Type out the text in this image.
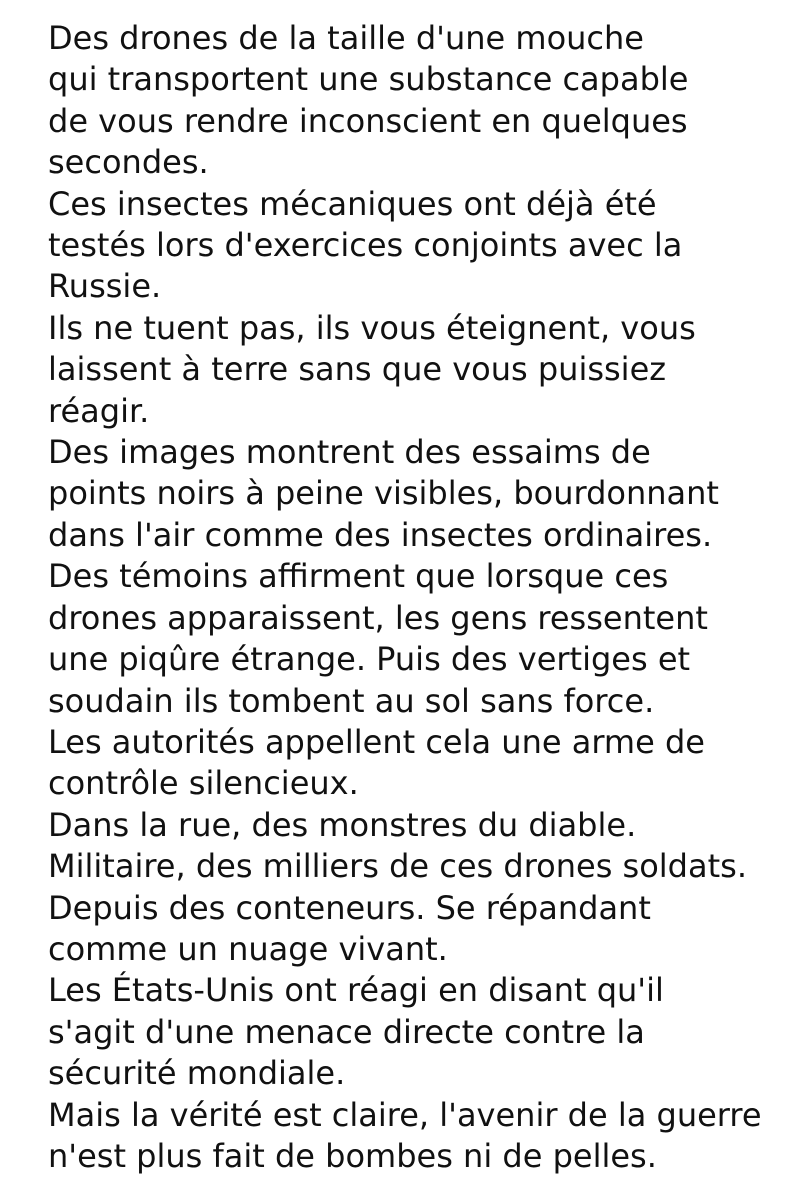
Des drones de la taille d'une mouche
qui transportent une substance capable
de vous rendre inconscient en quelques
secondes.

Ces insectes mécaniques ont déjà été
testés lors d'exercices conjoints avec la
Russie.

Ils ne tuent pas, ils vous éteignent, vous
laissent à terre sans que vous puissiez
réagir.

Des images montrent des essaims de
points noirs à peine visibles, bourdonnant
dans l'air comme des insectes ordinaires.

Des témoins affirment que lorsque ces
drones apparaissent, les gens ressentent
une piqûre étrange. Puis des vertiges et
soudain ils tombent au sol sans force.

Les autorités appellent cela une arme de
contrôle silencieux.

Dans la rue, des monstres du diable.

Militaire, des milliers de ces drones soldats.

Depuis des conteneurs. Se répandant
comme un nuage vivant.

Les États-Unis ont réagi en disant qu'il
s'agit d'une menace directe contre la
sécurité mondiale.

Mais la vérité est claire, l'avenir de la guerre
n'est plus fait de bombes ni de pelles.
